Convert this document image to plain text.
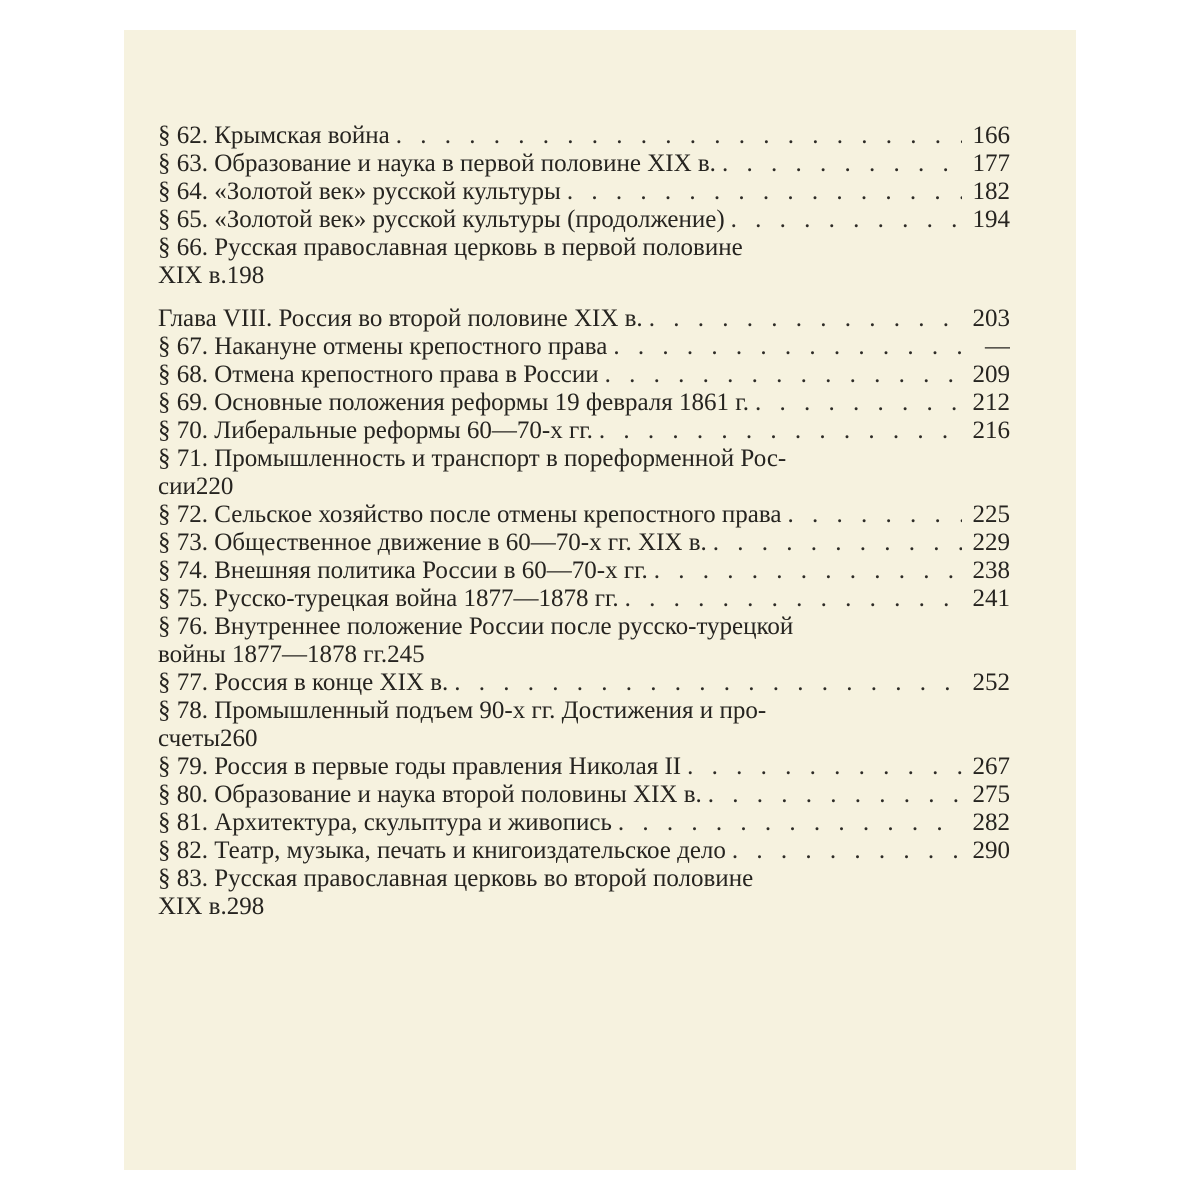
§ 62. Крымская война . . .	166
§ 63. Образование и наука в первой половине XIX в. . . .	177
§ 64. «Золотой век» русской культуры . . .	182
§ 65. «Золотой век» русской культуры (продолжение) . . .	194
§ 66. Русская православная церковь в первой половине
XIX в. 198
Глава VIII. Россия во второй половине XIX в. . . .	203
§ 67. Накануне отмены крепостного права . . .	—
§ 68. Отмена крепостного права в России . . .	209
§ 69. Основные положения реформы 19 февраля 1861 г. . . .	212
§ 70. Либеральные реформы 60—70-х гг. . . .	216
§ 71. Промышленность и транспорт в пореформенной Рос-
сии 220
§ 72. Сельское хозяйство после отмены крепостного права . . .	225
§ 73. Общественное движение в 60—70-х гг. XIX в. . . .	229
§ 74. Внешняя политика России в 60—70-х гг. . . .	238
§ 75. Русско-турецкая война 1877—1878 гг. . . .	241
§ 76. Внутреннее положение России после русско-турецкой
войны 1877—1878 гг. 245
§ 77. Россия в конце XIX в. . . .	252
§ 78. Промышленный подъем 90-х гг. Достижения и про-
счеты 260
§ 79. Россия в первые годы правления Николая II . . .	267
§ 80. Образование и наука второй половины XIX в. . . .	275
§ 81. Архитектура, скульптура и живопись . . .	282
§ 82. Театр, музыка, печать и книгоиздательское дело . . .	290
§ 83. Русская православная церковь во второй половине
XIX в. 298
